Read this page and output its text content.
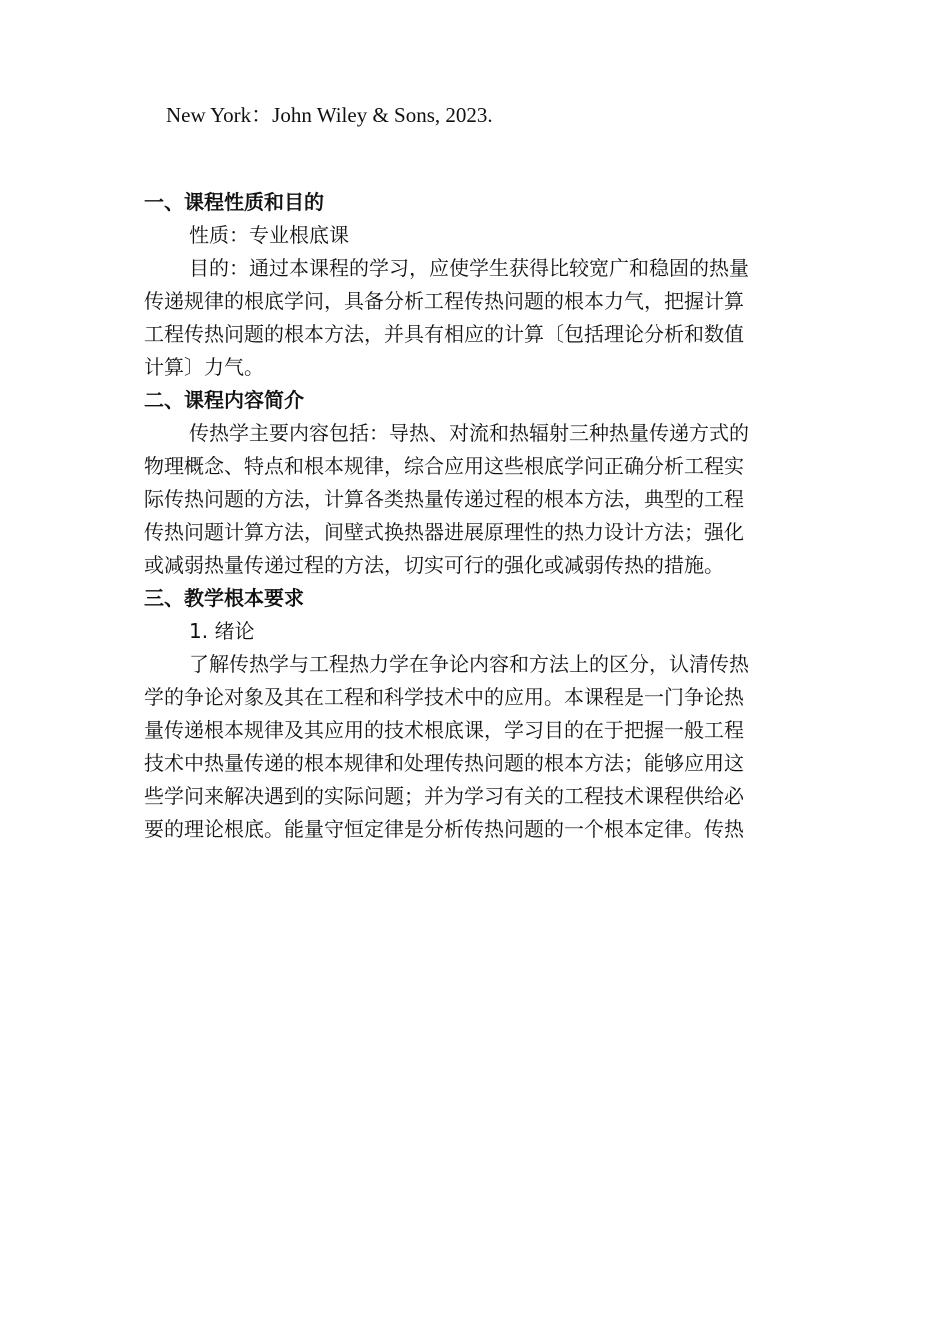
New York：John Wiley & Sons, 2023.
一、课程性质和目的
性质：专业根底课
目的：通过本课程的学习，应使学生获得比较宽广和稳固的热量
传递规律的根底学问，具备分析工程传热问题的根本力气，把握计算
工程传热问题的根本方法，并具有相应的计算〔包括理论分析和数值
计算〕力气。
二、课程内容简介
传热学主要内容包括：导热、对流和热辐射三种热量传递方式的
物理概念、特点和根本规律，综合应用这些根底学问正确分析工程实
际传热问题的方法，计算各类热量传递过程的根本方法，典型的工程
传热问题计算方法，间壁式换热器进展原理性的热力设计方法；强化
或减弱热量传递过程的方法，切实可行的强化或减弱传热的措施。
三、教学根本要求
1. 绪论
了解传热学与工程热力学在争论内容和方法上的区分，认清传热
学的争论对象及其在工程和科学技术中的应用。本课程是一门争论热
量传递根本规律及其应用的技术根底课，学习目的在于把握一般工程
技术中热量传递的根本规律和处理传热问题的根本方法；能够应用这
些学问来解决遇到的实际问题；并为学习有关的工程技术课程供给必
要的理论根底。能量守恒定律是分析传热问题的一个根本定律。传热
